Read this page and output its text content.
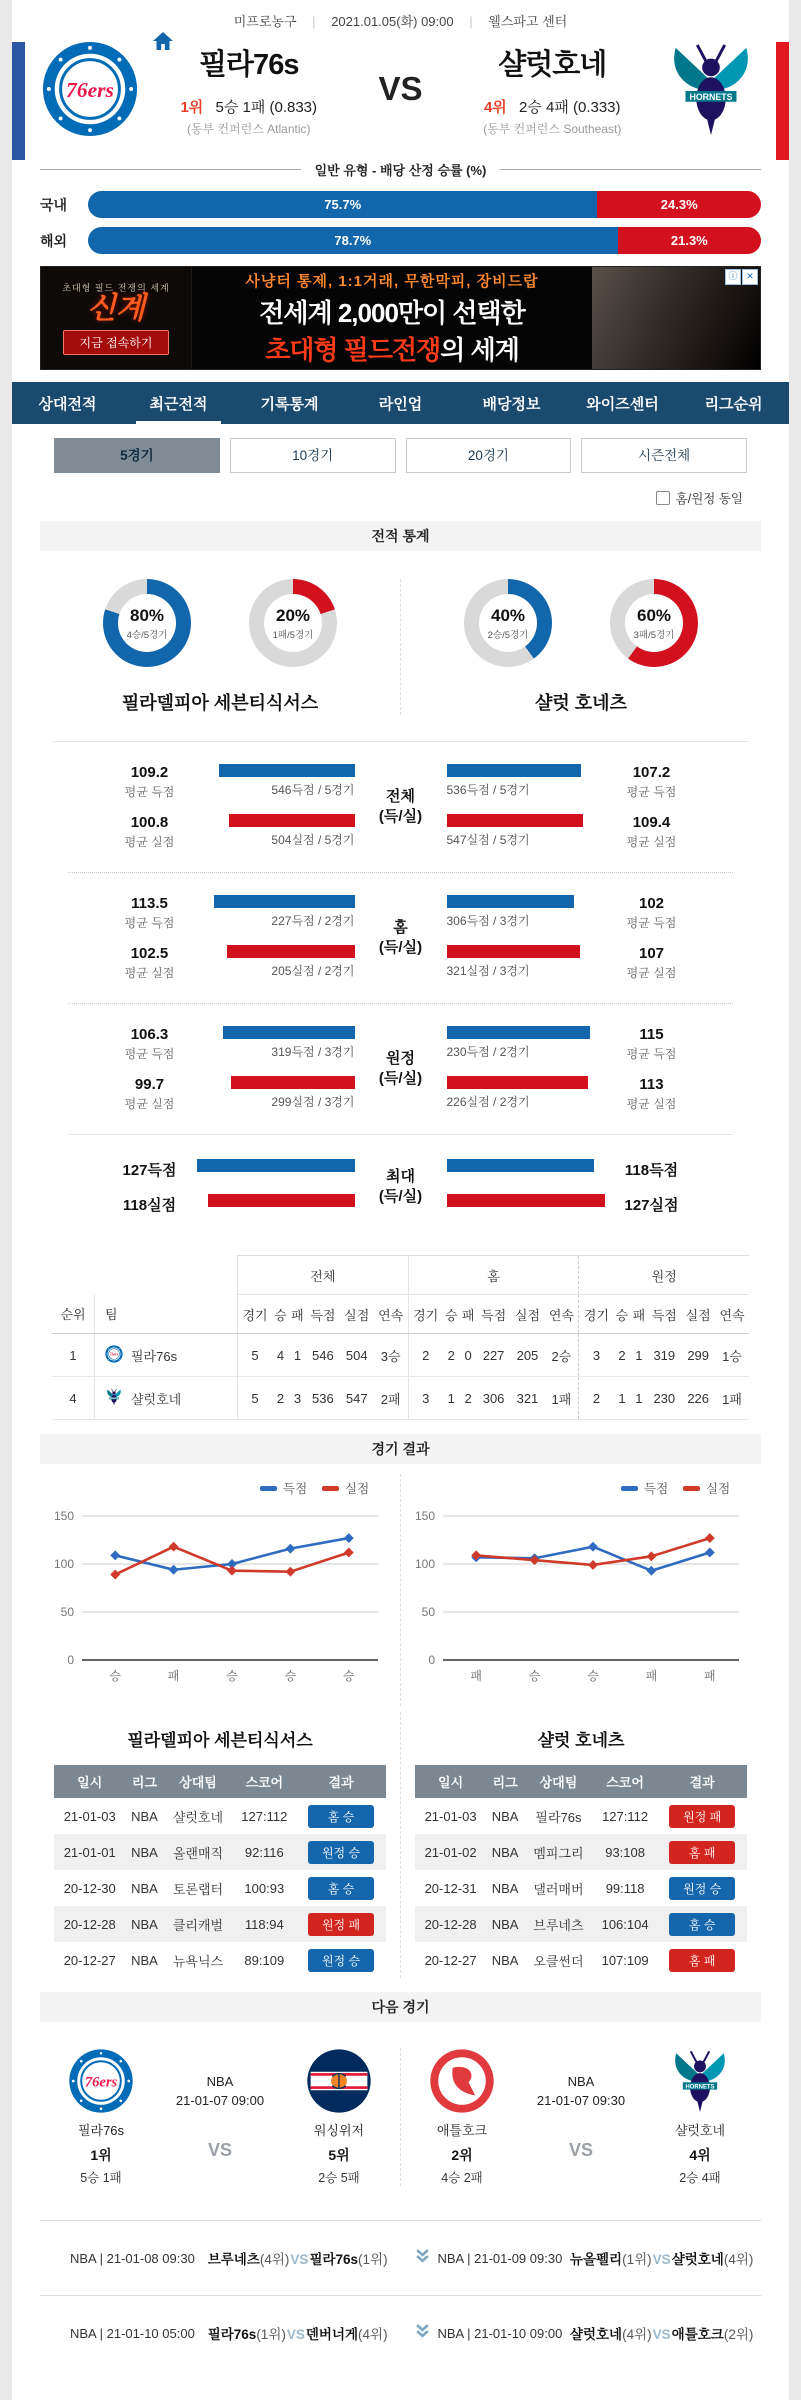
미프로농구 | 2021.01.05(화) 09:00 | 웰스파고 센터
76ers
필라76s
1위 5승 1패 (0.833)
(동부 컨퍼런스 Atlantic)
VS
샬럿호네
4위 2승 4패 (0.333)
(동부 컨퍼런스 Southeast)
HORNETS
일반 유형 - 배당 산정 승률 (%)
국내	75.7%	24.3%
해외	78.7%	21.3%
초대형 필드 전쟁의 세계
신계
지금 접속하기
사냥터 통제, 1:1거래, 무한막피, 장비드랍
전세계 2,000만이 선택한
초대형 필드전쟁의 세계
ⓘ ✕
상대전적	최근전적	기록통계	라인업	배당정보	와이즈센터	리그순위
5경기	10경기	20경기	시즌전체
홈/원정 동일
전적 통계
80%
4승/5경기
20%
1패/5경기
필라델피아 세븐티식서스
40%
2승/5경기
60%
3패/5경기
샬럿 호네츠
109.2
평균 득점	546득점 / 5경기
100.8
평균 실점	504실점 / 5경기
전체
(득/실)
536득점 / 5경기
107.2
평균 득점
547실점 / 5경기
109.4
평균 실점
113.5
평균 득점	227득점 / 2경기
102.5
평균 실점	205실점 / 2경기
홈
(득/실)
306득점 / 3경기
102
평균 득점
321실점 / 3경기
107
평균 실점
106.3
평균 득점	319득점 / 3경기
99.7
평균 실점	299실점 / 3경기
원정
(득/실)
230득점 / 2경기
115
평균 득점
226실점 / 2경기
113
평균 실점
127득점
118실점
최대
(득/실)
118득점
127실점
		전체						홈						원정					
순위	팀	경기	승	패	득점	실점	연속	경기	승	패	득점	실점	연속	경기	승	패	득점	실점	연속
1	76ers 필라76s	5	4	1	546	504	3승	2	2	0	227	205	2승	3	2	1	319	299	1승
4	HORNETS 샬럿호네	5	2	3	536	547	2패	3	1	2	306	321	1패	2	1	1	230	226	1패
경기 결과
0
50
100
150
승	패	승	승	승
득점	실점
0
50
100
150
패	승	승	패	패
득점	실점
필라델피아 세븐티식서스
일시	리그	상대팀	스코어	결과
21-01-03	NBA	샬럿호네	127:112	홈 승
21-01-01	NBA	올랜매직	92:116	원정 승
20-12-30	NBA	토론랩터	100:93	홈 승
20-12-28	NBA	클리캐벌	118:94	원정 패
20-12-27	NBA	뉴욕닉스	89:109	원정 승
샬럿 호네츠
일시	리그	상대팀	스코어	결과
21-01-03	NBA	필라76s	127:112	원정 패
21-01-02	NBA	멤피그리	93:108	홈 패
20-12-31	NBA	댈러매버	99:118	원정 승
20-12-28	NBA	브루네츠	106:104	홈 승
20-12-27	NBA	오클썬더	107:109	홈 패
다음 경기
76ers
필라76s
1위
5승 1패
NBA
21-01-07 09:00
VS
워싱위저
5위
2승 5패
애틀호크
2위
4승 2패
NBA
21-01-07 09:30
VS
HORNETS
샬럿호네
4위
2승 4패
NBA | 21-01-08 09:30 브루네츠(4위)VS필라76s(1위)	NBA | 21-01-09 09:30 뉴올펠리(1위)VS샬럿호네(4위)
NBA | 21-01-10 05:00 필라76s(1위)VS덴버너게(4위)	NBA | 21-01-10 09:00 샬럿호네(4위)VS애틀호크(2위)
